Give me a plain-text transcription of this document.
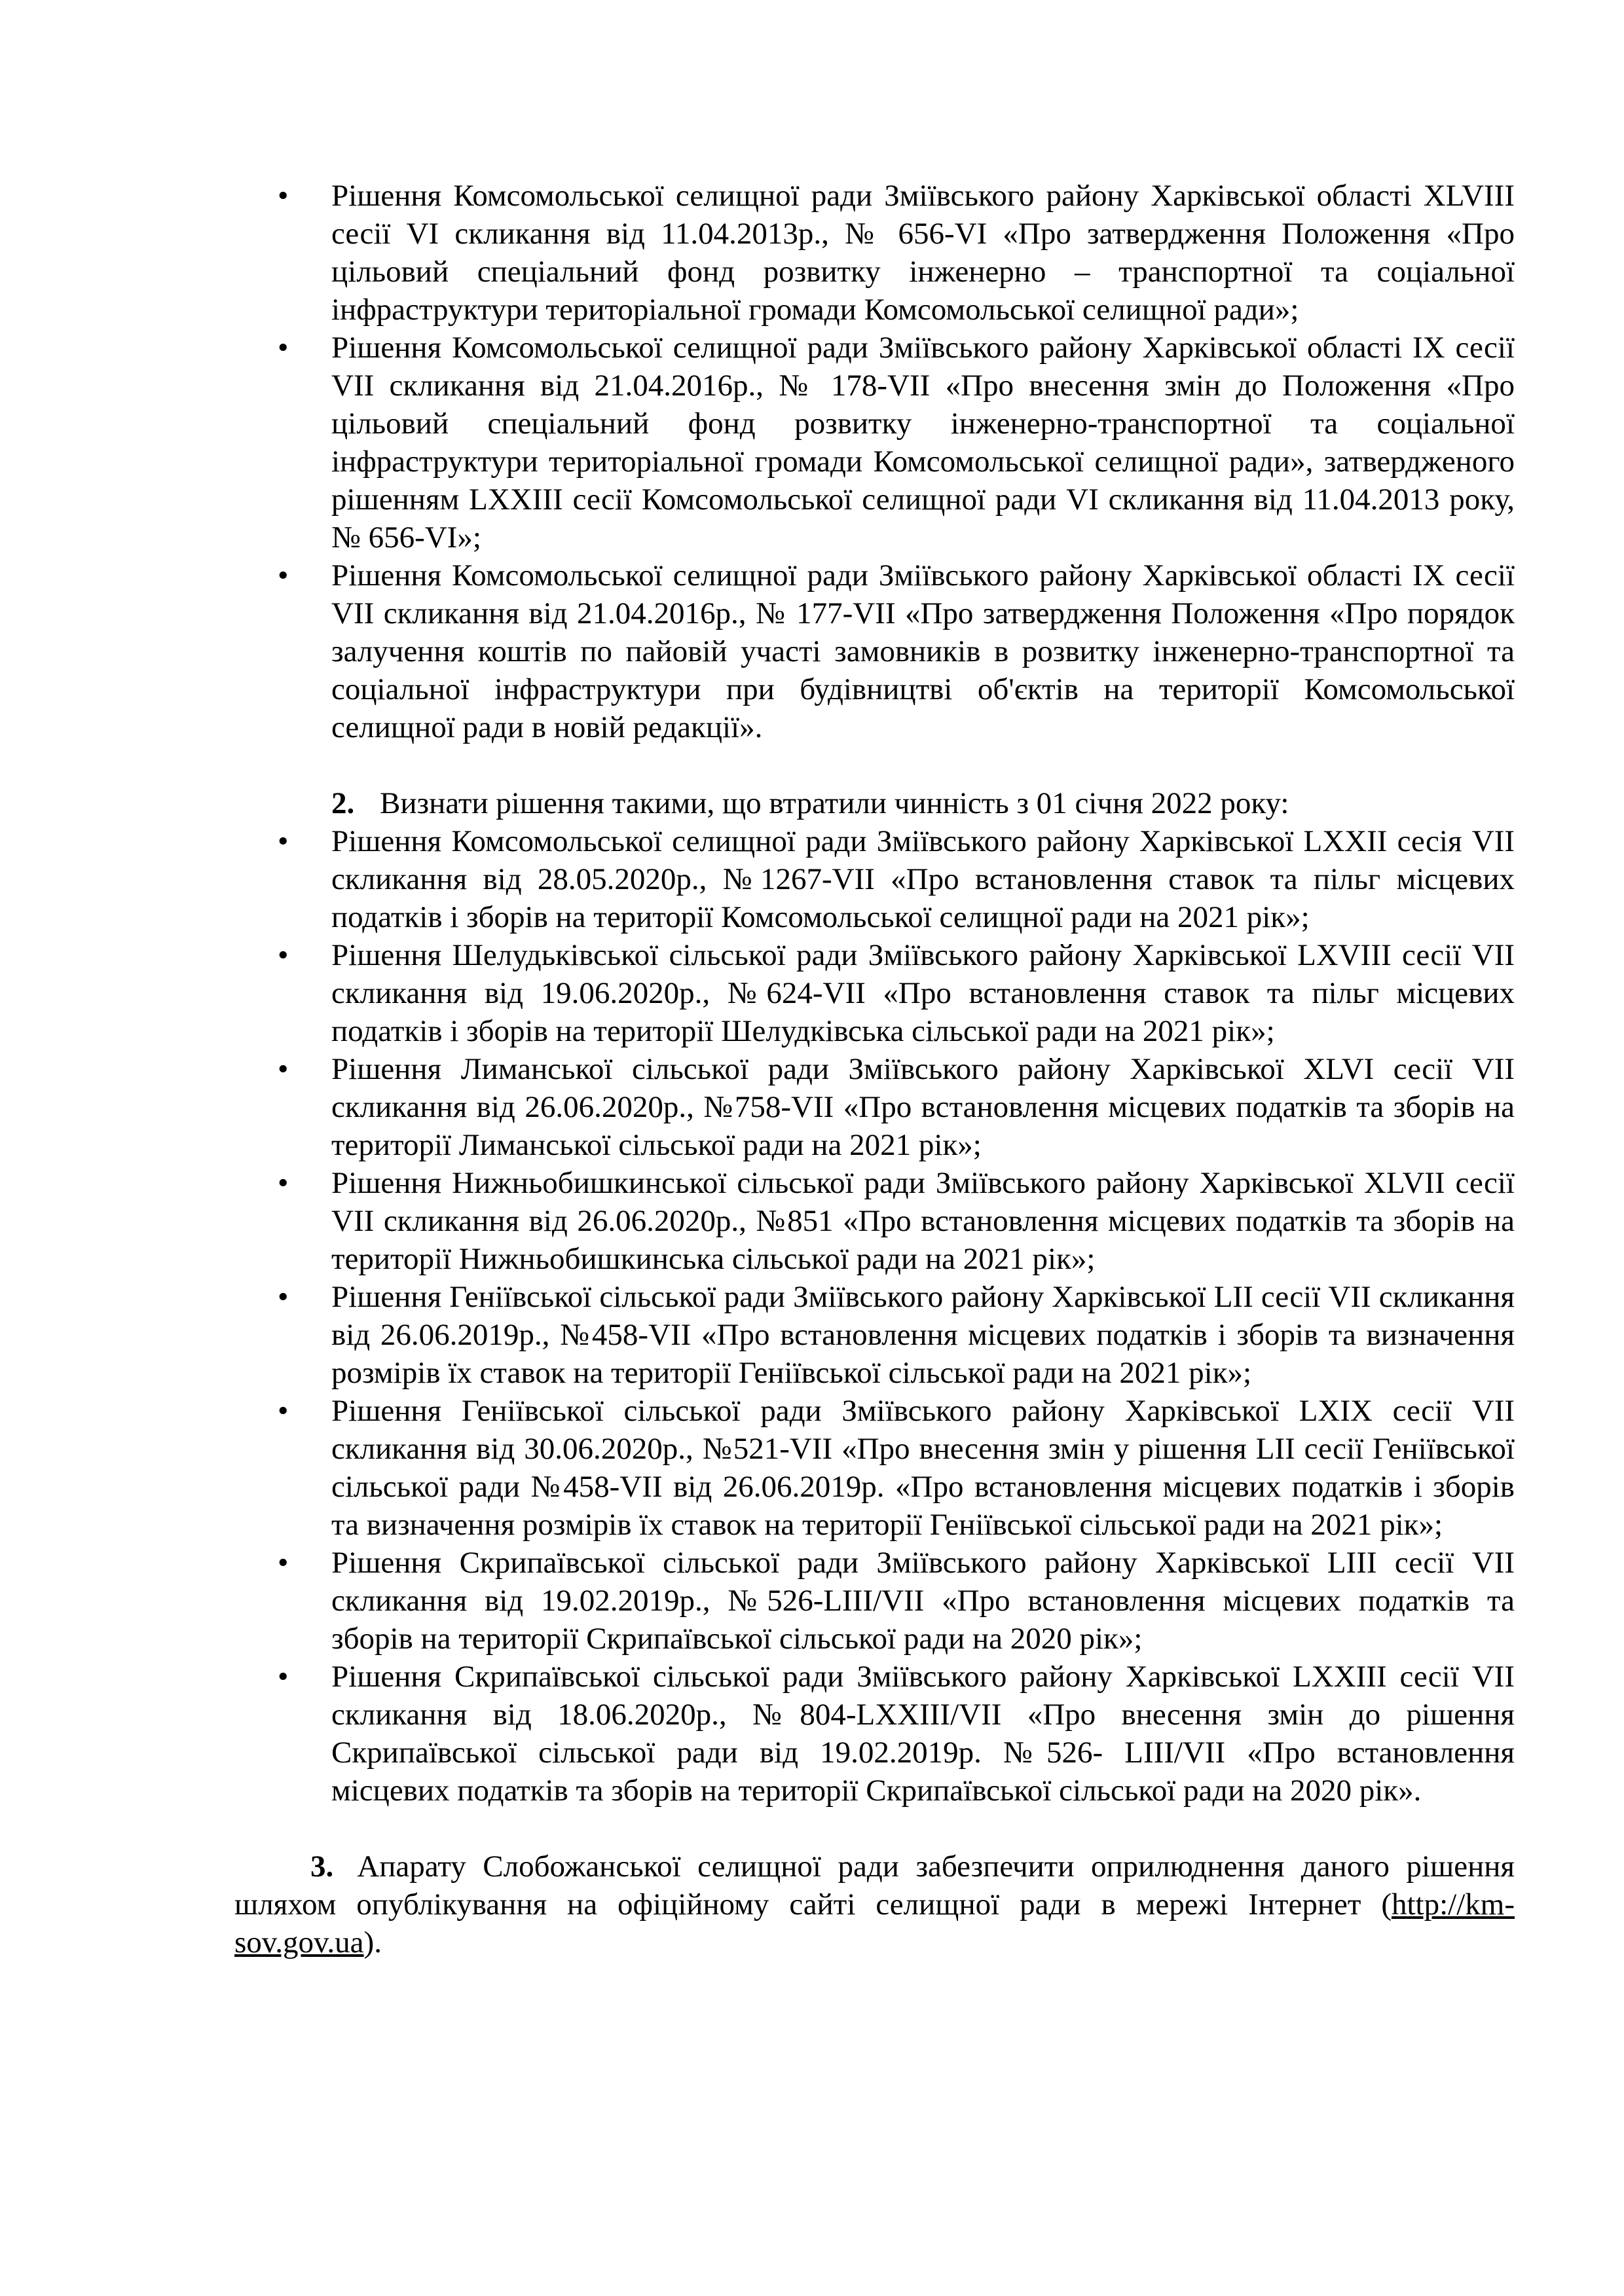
• Рішення Комсомольської селищної ради Зміївського району Харківської області XLVIII сесії VI скликання від 11.04.2013р., № 656-VI «Про затвердження Положення «Про цільовий спеціальний фонд розвитку інженерно – транспортної та соціальної інфраструктури територіальної громади Комсомольської селищної ради»;
• Рішення Комсомольської селищної ради Зміївського району Харківської області IX сесії VII скликання від 21.04.2016р., № 178-VII «Про внесення змін до Положення «Про цільовий спеціальний фонд розвитку інженерно-транспортної та соціальної інфраструктури територіальної громади Комсомольської селищної ради», затвердженого рішенням LXXIII сесії Комсомольської селищної ради VI скликання від 11.04.2013 року, № 656-VI»;
• Рішення Комсомольської селищної ради Зміївського району Харківської області IX сесії VII скликання від 21.04.2016р., № 177-VII «Про затвердження Положення «Про порядок залучення коштів по пайовій участі замовників в розвитку інженерно-транспортної та соціальної інфраструктури при будівництві об'єктів на території Комсомольської селищної ради в новій редакції».
2. Визнати рішення такими, що втратили чинність з 01 січня 2022 року:
• Рішення Комсомольської селищної ради Зміївського району Харківської LXXII сесія VII скликання від 28.05.2020р., №1267-VII «Про встановлення ставок та пільг місцевих податків і зборів на території Комсомольської селищної ради на 2021 рік»;
• Рішення Шелудьківської сільської ради Зміївського району Харківської LXVIII сесії VII скликання від 19.06.2020р., №624-VII «Про встановлення ставок та пільг місцевих податків і зборів на території Шелудківська сільської ради на 2021 рік»;
• Рішення Лиманської сільської ради Зміївського району Харківської XLVI сесії VII скликання від 26.06.2020р., №758-VII «Про встановлення місцевих податків та зборів на території Лиманської сільської ради на 2021 рік»;
• Рішення Нижньобишкинської сільської ради Зміївського району Харківської XLVII сесії VII скликання від 26.06.2020р., №851 «Про встановлення місцевих податків та зборів на території Нижньобишкинська сільської ради на 2021 рік»;
• Рішення Геніївської сільської ради Зміївського району Харківської LII сесії VII скликання від 26.06.2019р., №458-VII «Про встановлення місцевих податків і зборів та визначення розмірів їх ставок на території Геніївської сільської ради на 2021 рік»;
• Рішення Геніївської сільської ради Зміївського району Харківської LXIX сесії VII скликання від 30.06.2020р., №521-VII «Про внесення змін у рішення LII сесії Геніївської сільської ради №458-VII від 26.06.2019р. «Про встановлення місцевих податків і зборів та визначення розмірів їх ставок на території Геніївської сільської ради на 2021 рік»;
• Рішення Скрипаївської сільської ради Зміївського району Харківської LIII сесії VII скликання від 19.02.2019р., №526-LIII/VII «Про встановлення місцевих податків та зборів на території Скрипаївської сільської ради на 2020 рік»;
• Рішення Скрипаївської сільської ради Зміївського району Харківської LXXIII сесії VII скликання від 18.06.2020р., №804-LXXIII/VII «Про внесення змін до рішення Скрипаївської сільської ради від 19.02.2019р. №526- LIII/VII «Про встановлення місцевих податків та зборів на території Скрипаївської сільської ради на 2020 рік».
3. Апарату Слобожанської селищної ради забезпечити оприлюднення даного рішення шляхом опублікування на офіційному сайті селищної ради в мережі Інтернет (http://km-sov.gov.ua).
